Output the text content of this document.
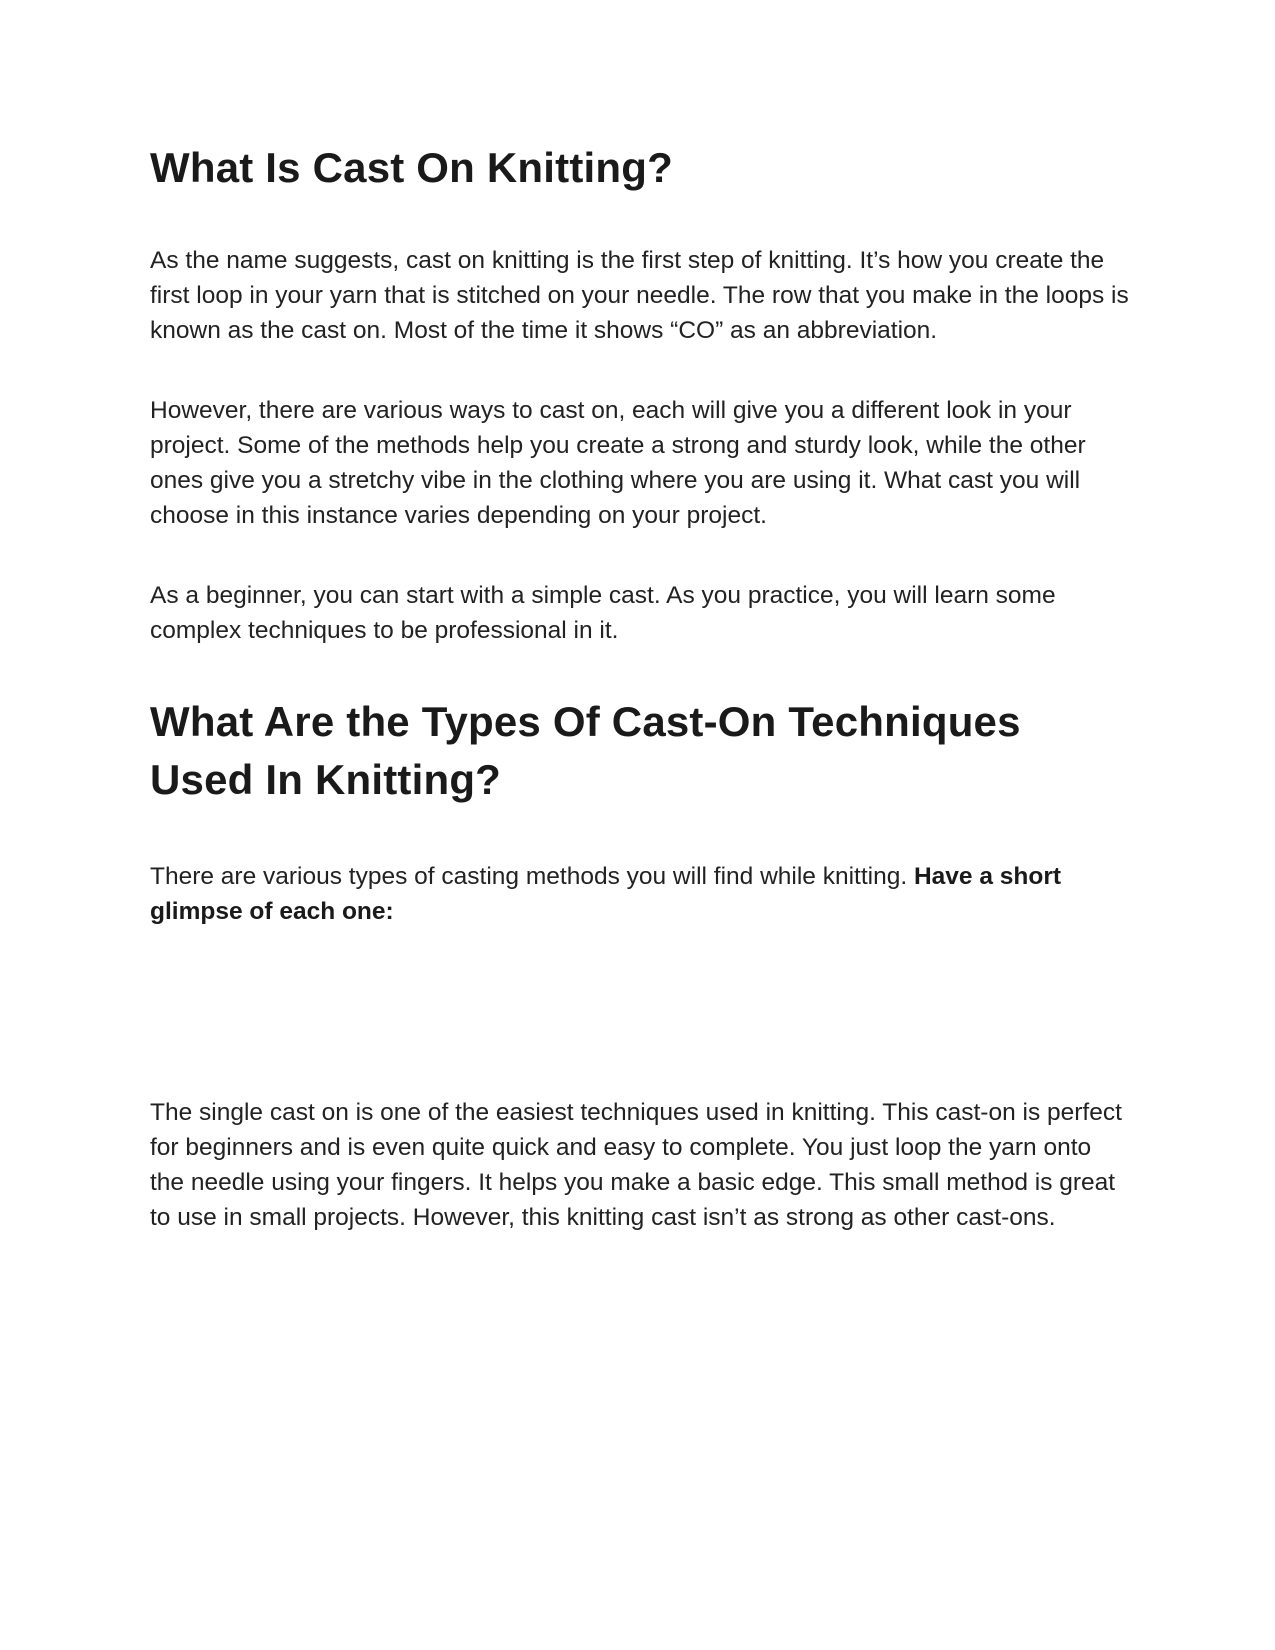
What Is Cast On Knitting?

As the name suggests, cast on knitting is the first step of knitting. It’s how you create the first loop in your yarn that is stitched on your needle. The row that you make in the loops is known as the cast on. Most of the time it shows “CO” as an abbreviation.

However, there are various ways to cast on, each will give you a different look in your project. Some of the methods help you create a strong and sturdy look, while the other ones give you a stretchy vibe in the clothing where you are using it. What cast you will choose in this instance varies depending on your project.

As a beginner, you can start with a simple cast. As you practice, you will learn some complex techniques to be professional in it.

What Are the Types Of Cast-On Techniques Used In Knitting?

There are various types of casting methods you will find while knitting. Have a short glimpse of each one:

The single cast on is one of the easiest techniques used in knitting. This cast-on is perfect for beginners and is even quite quick and easy to complete. You just loop the yarn onto the needle using your fingers. It helps you make a basic edge. This small method is great to use in small projects. However, this knitting cast isn’t as strong as other cast-ons.
